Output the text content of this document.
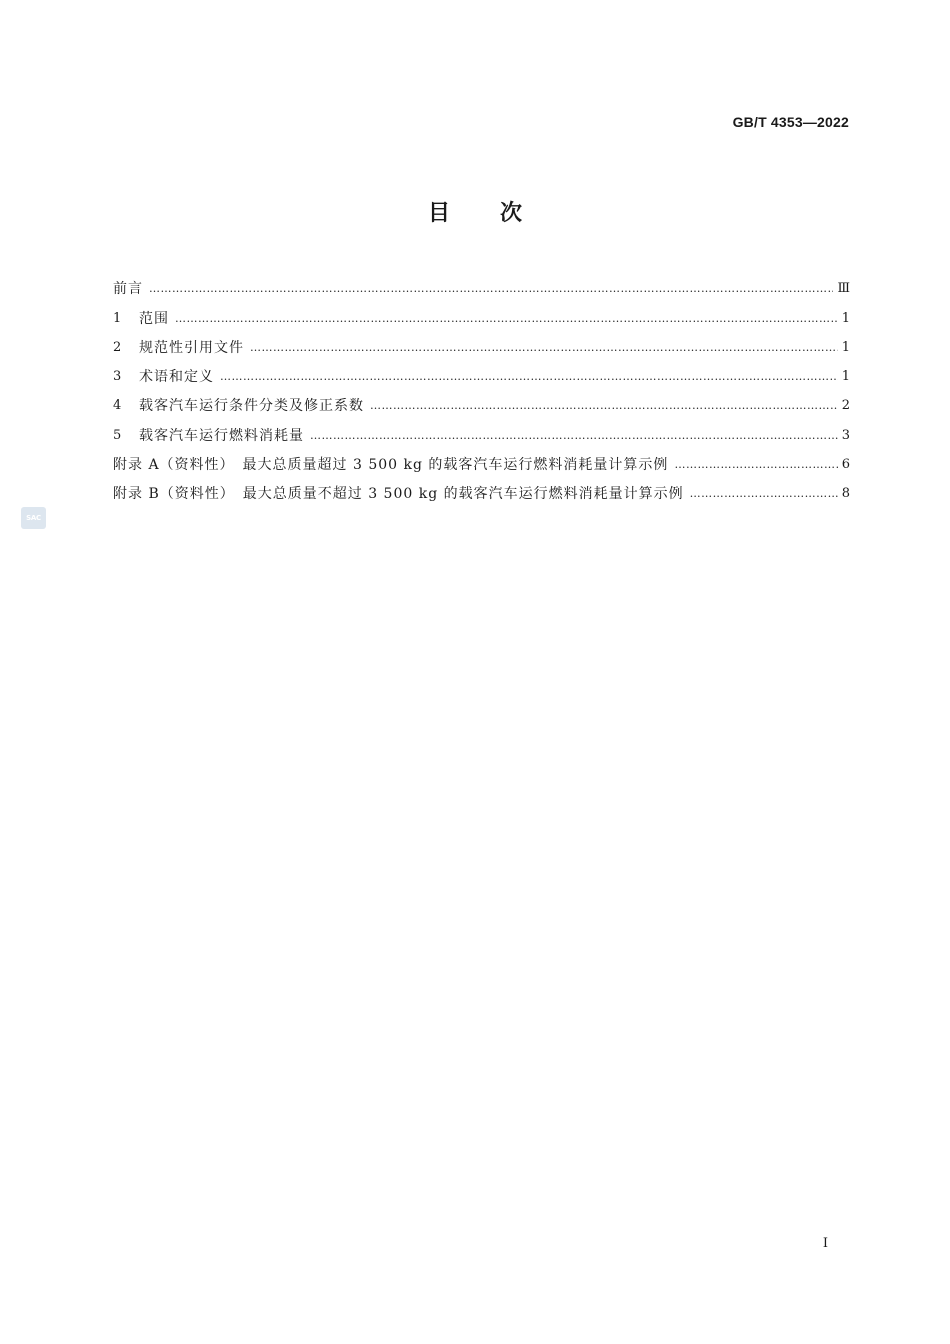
GB/T 4353—2022
目次
前言 ……………………………………………………………………………………………………………………………………………………………………………………………………………………………………	Ⅲ
1	范围 ……………………………………………………………………………………………………………………………………………………………………………………………………………………………………	1
2	规范性引用文件 ……………………………………………………………………………………………………………………………………………………………………………………………………………………………………	1
3	术语和定义 ……………………………………………………………………………………………………………………………………………………………………………………………………………………………………	1
4	载客汽车运行条件分类及修正系数 ……………………………………………………………………………………………………………………………………………………………………………………………………………………………………	2
5	载客汽车运行燃料消耗量 ……………………………………………………………………………………………………………………………………………………………………………………………………………………………………	3
附录 A（资料性）　最大总质量超过 3 500 kg 的载客汽车运行燃料消耗量计算示例 ……………………………………………………………………………………………………………………………………………………………………………………………………………………………………	6
附录 B（资料性）　最大总质量不超过 3 500 kg 的载客汽车运行燃料消耗量计算示例 ……………………………………………………………………………………………………………………………………………………………………………………………………………………………………	8
SAC
I
